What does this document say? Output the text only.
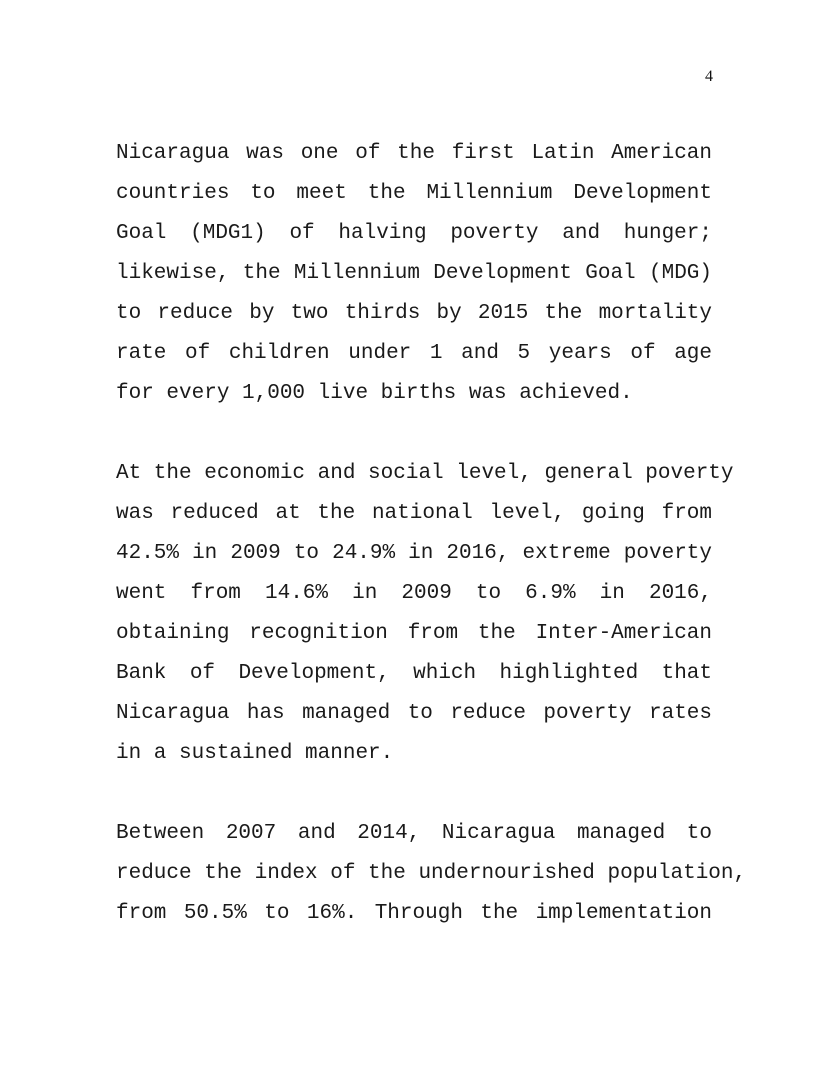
4

Nicaragua was one of the first Latin American
countries to meet the Millennium Development
Goal (MDG1) of halving poverty and hunger;
likewise, the Millennium Development Goal (MDG)
to reduce by two thirds by 2015 the mortality
rate of children under 1 and 5 years of age
for every 1,000 live births was achieved.

At the economic and social level, general poverty
was reduced at the national level, going from
42.5% in 2009 to 24.9% in 2016, extreme poverty
went from 14.6% in 2009 to 6.9% in 2016,
obtaining recognition from the Inter-American
Bank of Development, which highlighted that
Nicaragua has managed to reduce poverty rates
in a sustained manner.

Between 2007 and 2014, Nicaragua managed to
reduce the index of the undernourished population,
from 50.5% to 16%. Through the implementation
